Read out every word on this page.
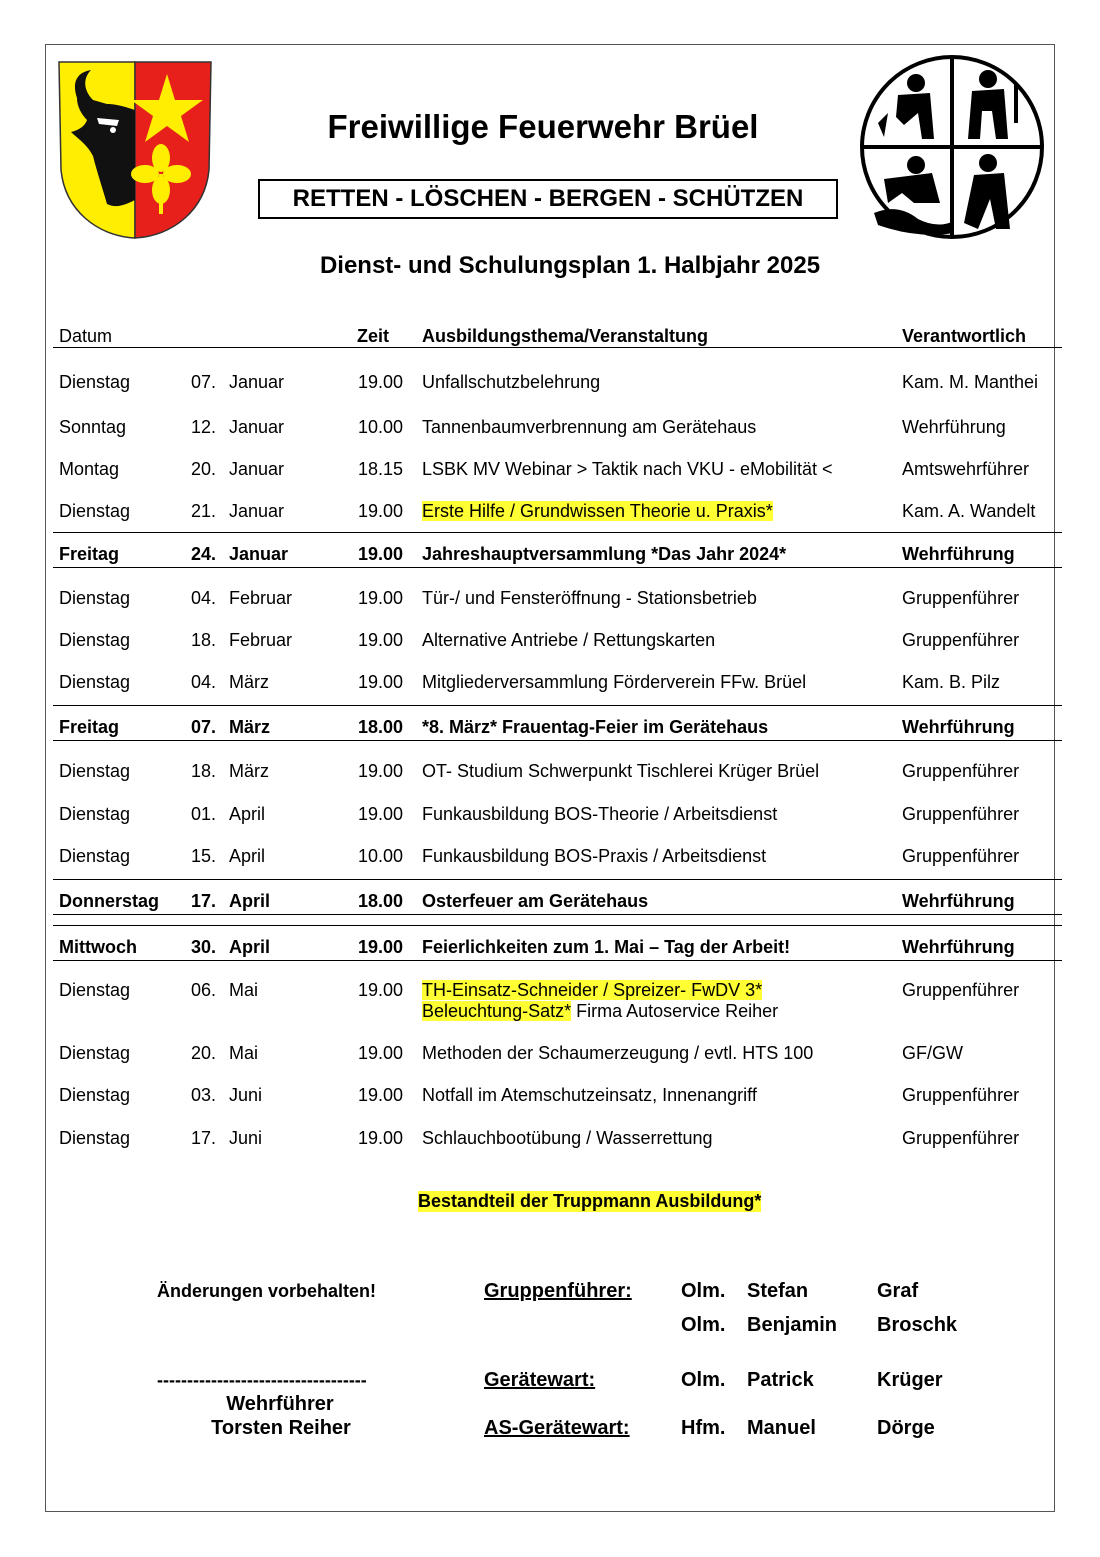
Freiwillige Feuerwehr Brüel
RETTEN - LÖSCHEN - BERGEN - SCHÜTZEN
Dienst- und Schulungsplan 1. Halbjahr 2025
Datum	Zeit Ausbildungsthema/Veranstaltung	Verantwortlich
Dienstag	07. Januar	19.00 Unfallschutzbelehrung	Kam. M. Manthei
Sonntag	12. Januar	10.00 Tannenbaumverbrennung am Gerätehaus	Wehrführung
Montag	20. Januar	18.15 LSBK MV Webinar > Taktik nach VKU - eMobilität <	Amtswehrführer
Dienstag	21. Januar	19.00 Erste Hilfe / Grundwissen Theorie u. Praxis*	Kam. A. Wandelt
Freitag	24. Januar	19.00 Jahreshauptversammlung *Das Jahr 2024*	Wehrführung
Dienstag	04. Februar	19.00 Tür-/ und Fensteröffnung - Stationsbetrieb	Gruppenführer
Dienstag	18. Februar	19.00 Alternative Antriebe / Rettungskarten	Gruppenführer
Dienstag	04. März	19.00 Mitgliederversammlung Förderverein FFw. Brüel	Kam. B. Pilz
Freitag	07. März	18.00 *8. März* Frauentag-Feier im Gerätehaus	Wehrführung
Dienstag	18. März	19.00 OT- Studium Schwerpunkt Tischlerei Krüger Brüel	Gruppenführer
Dienstag	01. April	19.00 Funkausbildung BOS-Theorie / Arbeitsdienst	Gruppenführer
Dienstag	15. April	10.00 Funkausbildung BOS-Praxis / Arbeitsdienst	Gruppenführer
Donnerstag 17. April	18.00 Osterfeuer am Gerätehaus	Wehrführung
Mittwoch	30. April	19.00 Feierlichkeiten zum 1. Mai – Tag der Arbeit!	Wehrführung
Dienstag	06. Mai	19.00 TH-Einsatz-Schneider / Spreizer- FwDV 3*	Gruppenführer
Beleuchtung-Satz* Firma Autoservice Reiher
Dienstag	20. Mai	19.00 Methoden der Schaumerzeugung / evtl. HTS 100	GF/GW
Dienstag	03. Juni	19.00 Notfall im Atemschutzeinsatz, Innenangriff	Gruppenführer
Dienstag	17. Juni	19.00 Schlauchbootübung / Wasserrettung	Gruppenführer
Bestandteil der Truppmann Ausbildung*
Änderungen vorbehalten!
-----------------------------------
Wehrführer
Torsten Reiher
Gruppenführer: Olm. Stefan	Graf
Olm. Benjamin Broschk
Gerätewart:	Olm. Patrick	Krüger
AS-Gerätewart:	Hfm. Manuel	Dörge
